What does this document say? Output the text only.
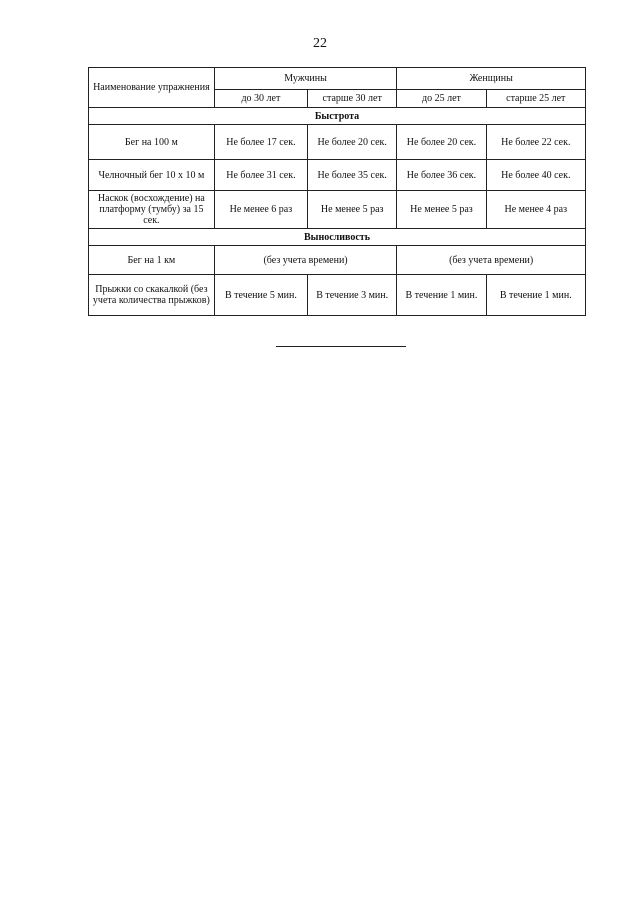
22
Наименование упражнения	Мужчины		Женщины	
	до 30 лет	старше 30 лет	до 25 лет	старше 25 лет
Быстрота				
Бег на 100 м	Не более 17 сек.	Не более 20 сек.	Не более 20 сек.	Не более 22 сек.
Челночный бег 10 x 10 м	Не более 31 сек.	Не более 35 сек.	Не более 36 сек.	Не более 40 сек.
Наскок (восхождение) на платформу (тумбу) за 15 сек.	Не менее 6 раз	Не менее 5 раз	Не менее 5 раз	Не менее 4 раз
Выносливость				
Бег на 1 км	(без учета времени)		(без учета времени)	
Прыжки со скакалкой (без учета количества прыжков)	В течение 5 мин.	В течение 3 мин.	В течение 1 мин.	В течение 1 мин.
